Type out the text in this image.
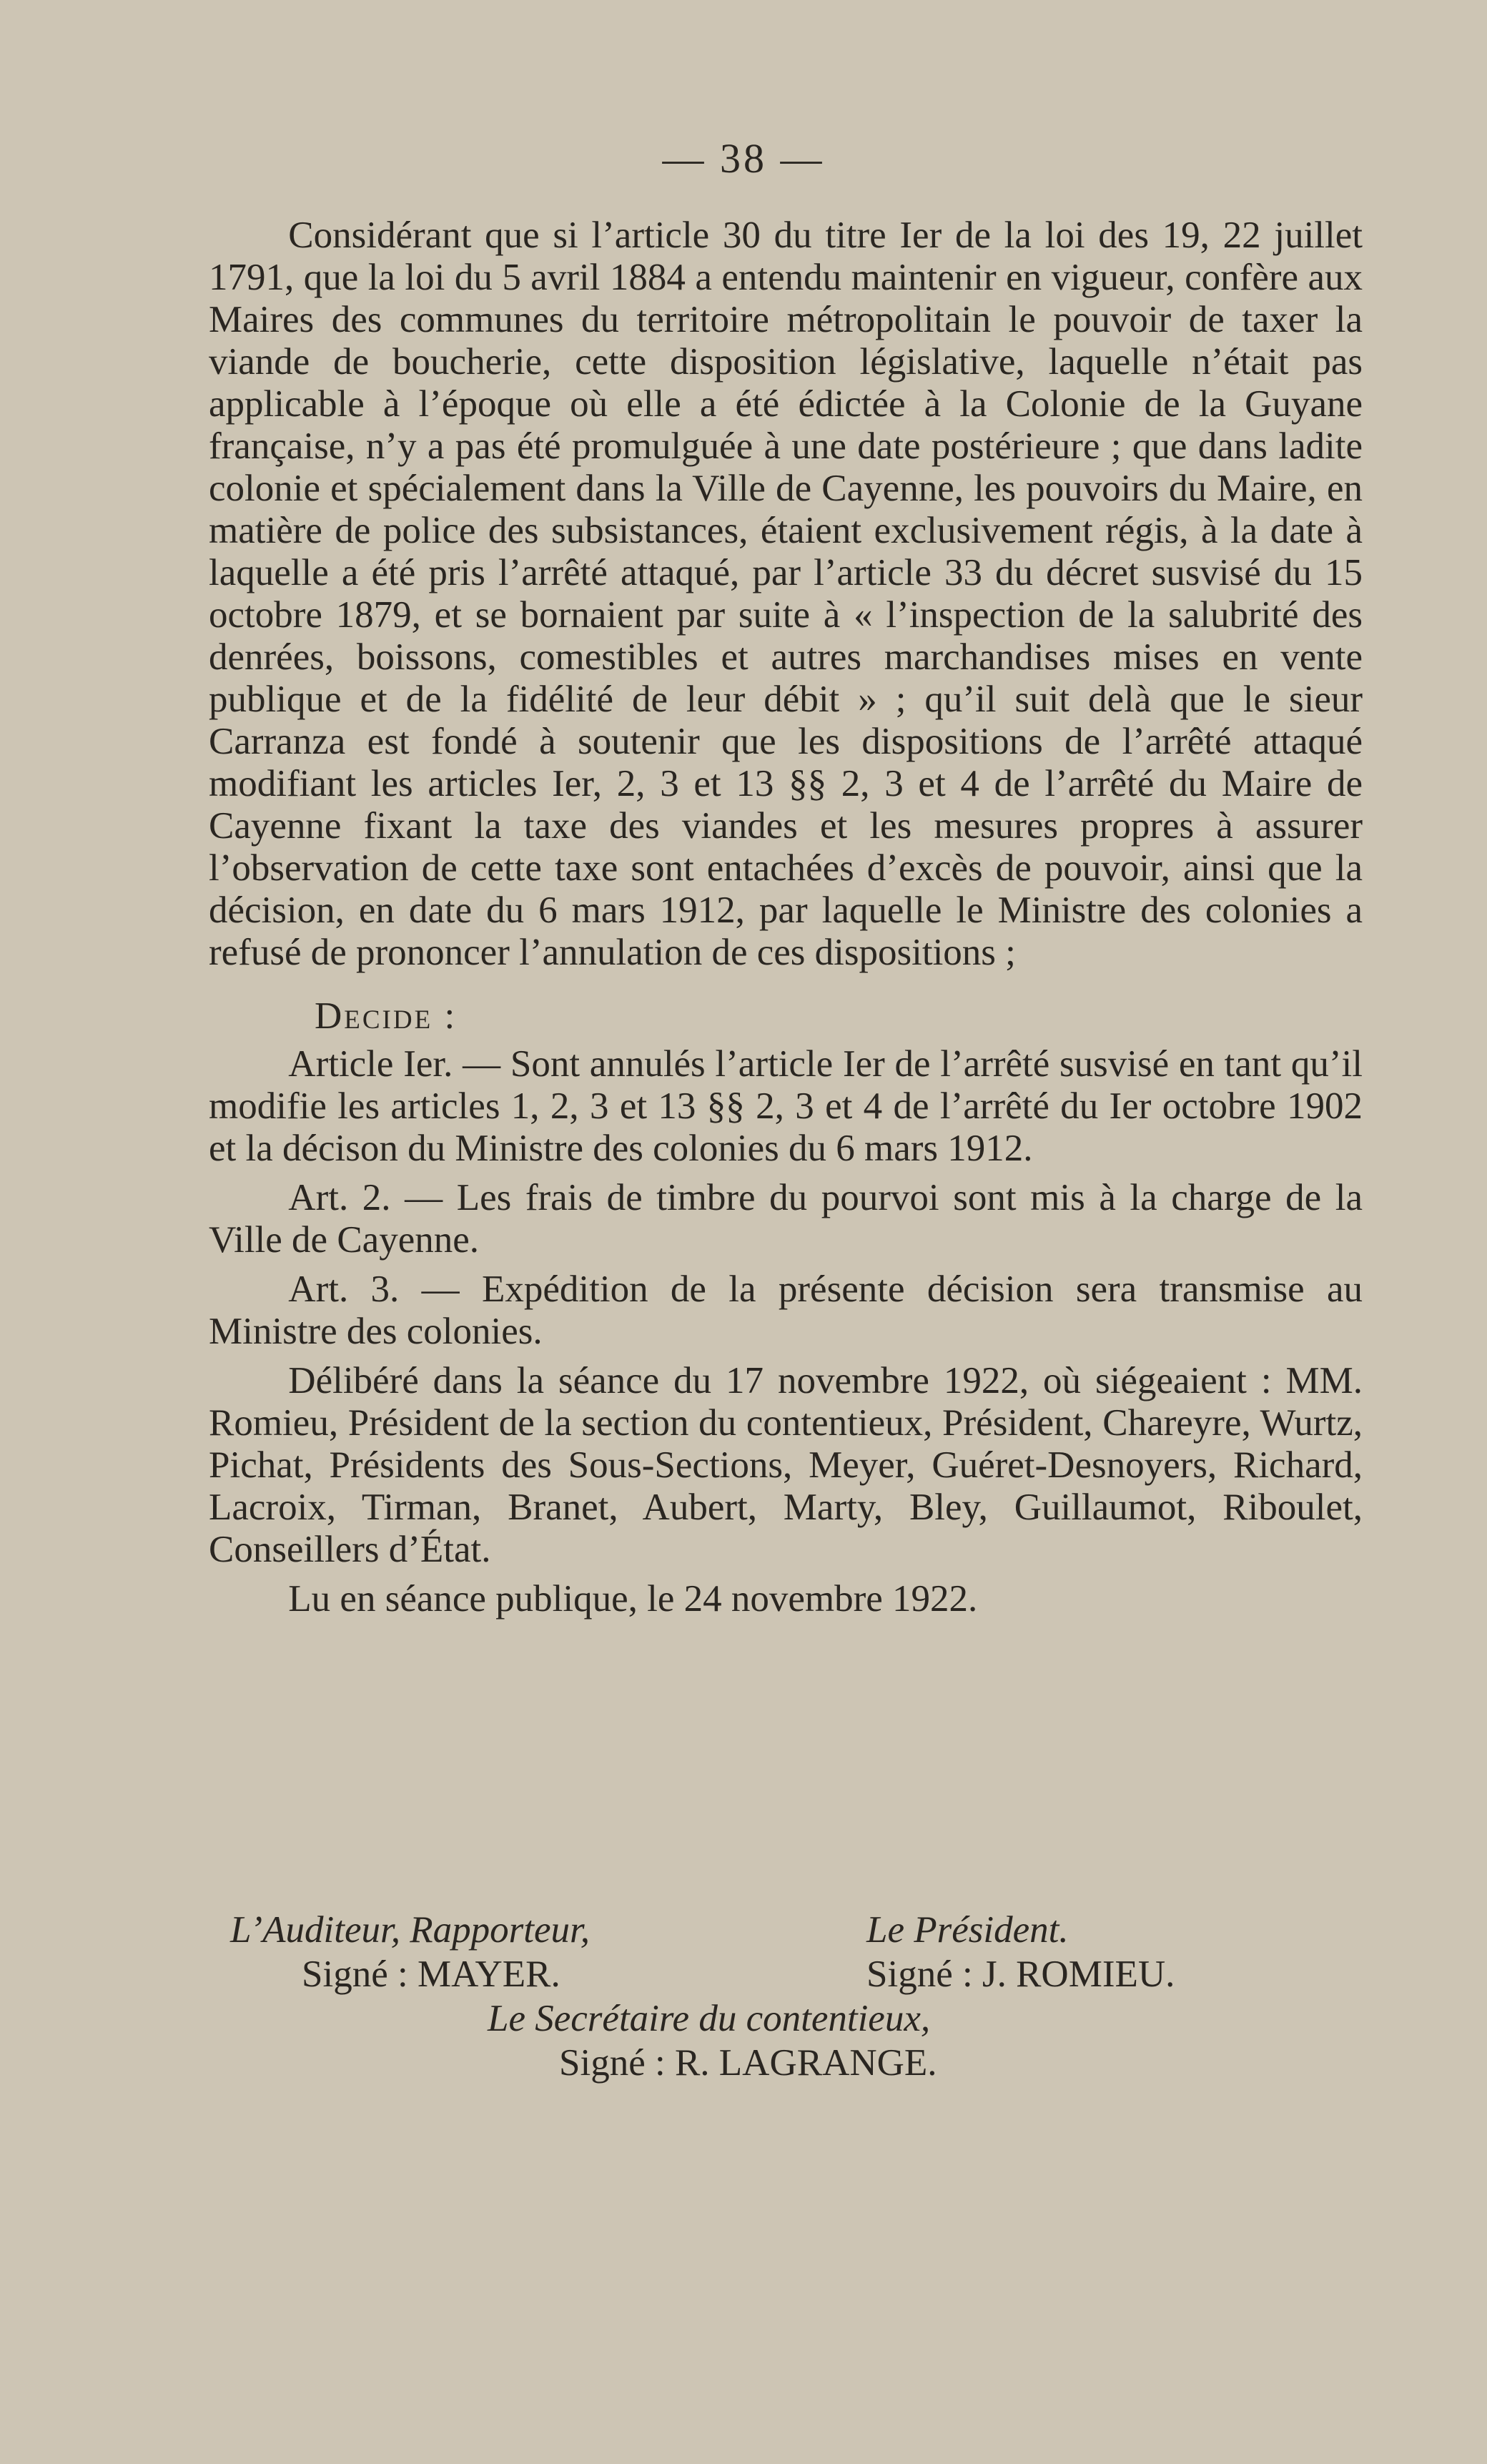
— 38 —

Considérant que si l’article 30 du titre Ier de la loi des 19, 22 juillet 1791, que la loi du 5 avril 1884 a entendu maintenir en vigueur, confère aux Maires des communes du territoire métropolitain le pouvoir de taxer la viande de boucherie, cette disposition législative, laquelle n’était pas applicable à l’époque où elle a été édictée à la Colonie de la Guyane française, n’y a pas été promulguée à une date postérieure ; que dans ladite colonie et spécialement dans la Ville de Cayenne, les pouvoirs du Maire, en matière de police des subsistances, étaient exclusivement régis, à la date à laquelle a été pris l’arrêté attaqué, par l’article 33 du décret susvisé du 15 octobre 1879, et se bornaient par suite à « l’inspection de la salubrité des denrées, boissons, comestibles et autres marchandises mises en vente publique et de la fidélité de leur débit » ; qu’il suit delà que le sieur Carranza est fondé à soutenir que les dispositions de l’arrêté attaqué modifiant les articles Ier, 2, 3 et 13 §§ 2, 3 et 4 de l’arrêté du Maire de Cayenne fixant la taxe des viandes et les mesures propres à assurer l’observation de cette taxe sont entachées d’excès de pouvoir, ainsi que la décision, en date du 6 mars 1912, par laquelle le Ministre des colonies a refusé de prononcer l’annulation de ces dispositions ;

Decide :

Article Ier. — Sont annulés l’article Ier de l’arrêté susvisé en tant qu’il modifie les articles 1, 2, 3 et 13 §§ 2, 3 et 4 de l’arrêté du Ier octobre 1902 et la décison du Ministre des colonies du 6 mars 1912.

Art. 2. — Les frais de timbre du pourvoi sont mis à la charge de la Ville de Cayenne.

Art. 3. — Expédition de la présente décision sera transmise au Ministre des colonies.

Délibéré dans la séance du 17 novembre 1922, où siégeaient : MM. Romieu, Président de la section du contentieux, Président, Chareyre, Wurtz, Pichat, Présidents des Sous-Sections, Meyer, Guéret-Desnoyers, Richard, Lacroix, Tirman, Branet, Aubert, Marty, Bley, Guillaumot, Riboulet, Conseillers d’État.

Lu en séance publique, le 24 novembre 1922.

L’Auditeur, Rapporteur,	Le Président.
Signé : MAYER.	Signé : J. ROMIEU.
Le Secrétaire du contentieux,
Signé : R. LAGRANGE.
